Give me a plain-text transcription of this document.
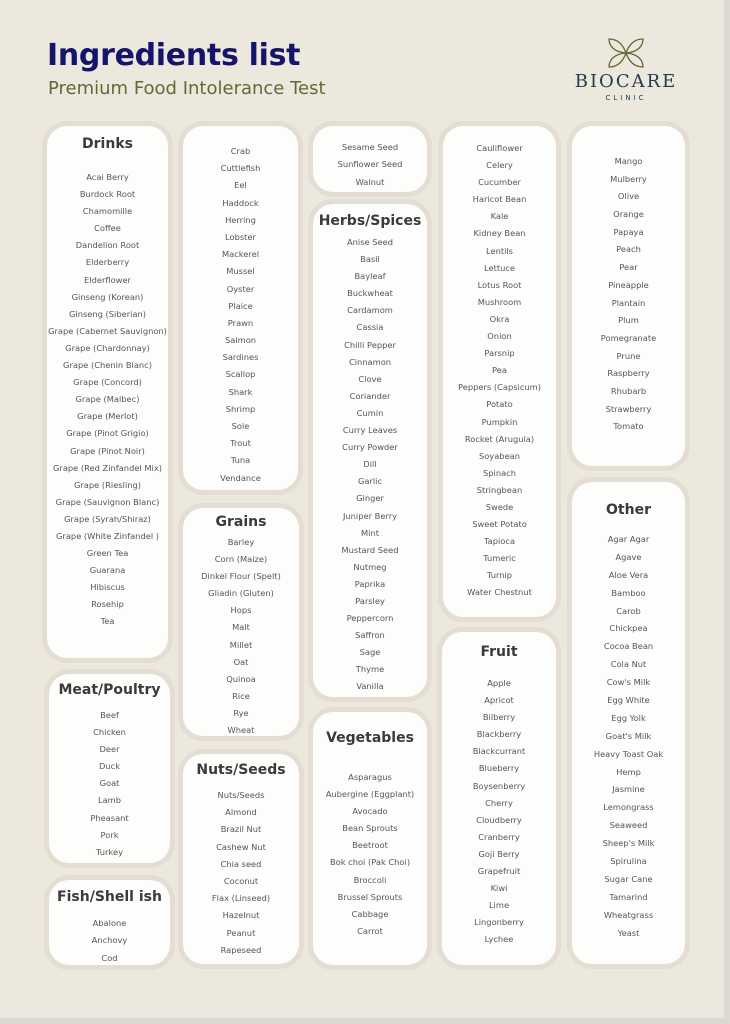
Ingredients list

Premium Food Intolerance Test	BIOCARE
CLINIC
Drinks
Acai Berry
Burdock Root
Chamomille
Coffee
Dandelion Root
Elderberry
Elderflower
Ginseng (Korean)
Ginseng (Siberian)
Grape (Cabernet Sauvignon)
Grape (Chardonnay)
Grape (Chenin Blanc)
Grape (Concord)
Grape (Malbec)
Grape (Merlot)
Grape (Pinot Grigio)
Grape (Pinot Noir)
Grape (Red Zinfandel Mix)
Grape (Riesling)
Grape (Sauvignon Blanc)
Grape (Syrah/Shiraz)
Grape (White Zinfandel )
Green Tea
Guarana
Hibiscus
Rosehip
Tea
Meat/Poultry
Beef
Chicken
Deer
Duck
Goat
Lamb
Pheasant
Pork
Turkey
Fish/Shell ish
Abalone
Anchovy
Cod
Crab
Cuttlefish
Eel
Haddock
Herring
Lobster
Mackerel
Mussel
Oyster
Plaice
Prawn
Salmon
Sardines
Scallop
Shark
Shrimp
Sole
Trout
Tuna
Vendance
Grains
Barley
Corn (Maize)
Dinkel Flour (Spelt)
Gliadin (Gluten)
Hops
Malt
Millet
Oat
Quinoa
Rice
Rye
Wheat
Nuts/Seeds
Nuts/Seeds
Almond
Brazil Nut
Cashew Nut
Chia seed
Coconut
Flax (Linseed)
Hazelnut
Peanut
Rapeseed
Sesame Seed
Sunflower Seed
Walnut
Herbs/Spices
Anise Seed
Basil
Bayleaf
Buckwheat
Cardamom
Cassia
Chilli Pepper
Cinnamon
Clove
Coriander
Cumin
Curry Leaves
Curry Powder
Dill
Garlic
Ginger
Juniper Berry
Mint
Mustard Seed
Nutmeg
Paprika
Parsley
Peppercorn
Saffron
Sage
Thyme
Vanilla
Vegetables
Asparagus
Aubergine (Eggplant)
Avocado
Bean Sprouts
Beetroot
Bok choi (Pak Choi)
Broccoli
Brussel Sprouts
Cabbage
Carrot
Cauliflower
Celery
Cucumber
Haricot Bean
Kale
Kidney Bean
Lentils
Lettuce
Lotus Root
Mushroom
Okra
Onion
Parsnip
Pea
Peppers (Capsicum)
Potato
Pumpkin
Rocket (Arugula)
Soyabean
Spinach
Stringbean
Swede
Sweet Potato
Tapioca
Tumeric
Turnip
Water Chestnut
Fruit
Apple
Apricot
Bilberry
Blackberry
Blackcurrant
Blueberry
Boysenberry
Cherry
Cloudberry
Cranberry
Goji Berry
Grapefruit
Kiwi
Lime
Lingonberry
Lychee
Mango
Mulberry
Olive
Orange
Papaya
Peach
Pear
Pineapple
Plantain
Plum
Pomegranate
Prune
Raspberry
Rhubarb
Strawberry
Tomato
Other
Agar Agar
Agave
Aloe Vera
Bamboo
Carob
Chickpea
Cocoa Bean
Cola Nut
Cow's Milk
Egg White
Egg Yolk
Goat's Milk
Heavy Toast Oak
Hemp
Jasmine
Lemongrass
Seaweed
Sheep's Milk
Spirulina
Sugar Cane
Tamarind
Wheatgrass
Yeast
